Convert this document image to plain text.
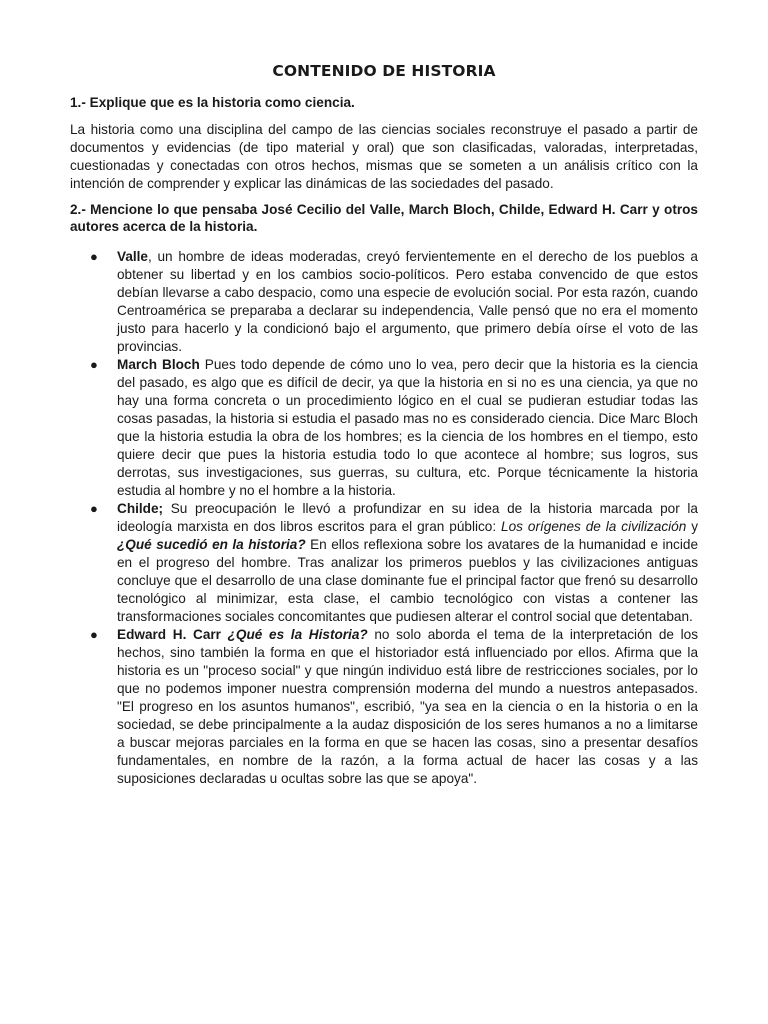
CONTENIDO DE HISTORIA
1.- Explique que es la historia como ciencia.
La historia como una disciplina del campo de las ciencias sociales reconstruye el pasado a partir de documentos y evidencias (de tipo material y oral) que son clasificadas, valoradas, interpretadas, cuestionadas y conectadas con otros hechos, mismas que se someten a un análisis crítico con la intención de comprender y explicar las dinámicas de las sociedades del pasado.
2.- Mencione lo que pensaba José Cecilio del Valle, March Bloch, Childe, Edward H. Carr y otros autores acerca de la historia.
● Valle, un hombre de ideas moderadas, creyó fervientemente en el derecho de los pueblos a obtener su libertad y en los cambios socio-políticos. Pero estaba convencido de que estos debían llevarse a cabo despacio, como una especie de evolución social. Por esta razón, cuando Centroamérica se preparaba a declarar su independencia, Valle pensó que no era el momento justo para hacerlo y la condicionó bajo el argumento, que primero debía oírse el voto de las provincias.
● March Bloch Pues todo depende de cómo uno lo vea, pero decir que la historia es la ciencia del pasado, es algo que es difícil de decir, ya que la historia en si no es una ciencia, ya que no hay una forma concreta o un procedimiento lógico en el cual se pudieran estudiar todas las cosas pasadas, la historia si estudia el pasado mas no es considerado ciencia. Dice Marc Bloch que la historia estudia la obra de los hombres; es la ciencia de los hombres en el tiempo, esto quiere decir que pues la historia estudia todo lo que acontece al hombre; sus logros, sus derrotas, sus investigaciones, sus guerras, su cultura, etc. Porque técnicamente la historia estudia al hombre y no el hombre a la historia.
● Childe; Su preocupación le llevó a profundizar en su idea de la historia marcada por la ideología marxista en dos libros escritos para el gran público: Los orígenes de la civilización y ¿Qué sucedió en la historia? En ellos reflexiona sobre los avatares de la humanidad e incide en el progreso del hombre. Tras analizar los primeros pueblos y las civilizaciones antiguas concluye que el desarrollo de una clase dominante fue el principal factor que frenó su desarrollo tecnológico al minimizar, esta clase, el cambio tecnológico con vistas a contener las transformaciones sociales concomitantes que pudiesen alterar el control social que detentaban.
● Edward H. Carr ¿Qué es la Historia? no solo aborda el tema de la interpretación de los hechos, sino también la forma en que el historiador está influenciado por ellos. Afirma que la historia es un "proceso social" y que ningún individuo está libre de restricciones sociales, por lo que no podemos imponer nuestra comprensión moderna del mundo a nuestros antepasados. "El progreso en los asuntos humanos", escribió, "ya sea en la ciencia o en la historia o en la sociedad, se debe principalmente a la audaz disposición de los seres humanos a no a limitarse a buscar mejoras parciales en la forma en que se hacen las cosas, sino a presentar desafíos fundamentales, en nombre de la razón, a la forma actual de hacer las cosas y a las suposiciones declaradas u ocultas sobre las que se apoya".
